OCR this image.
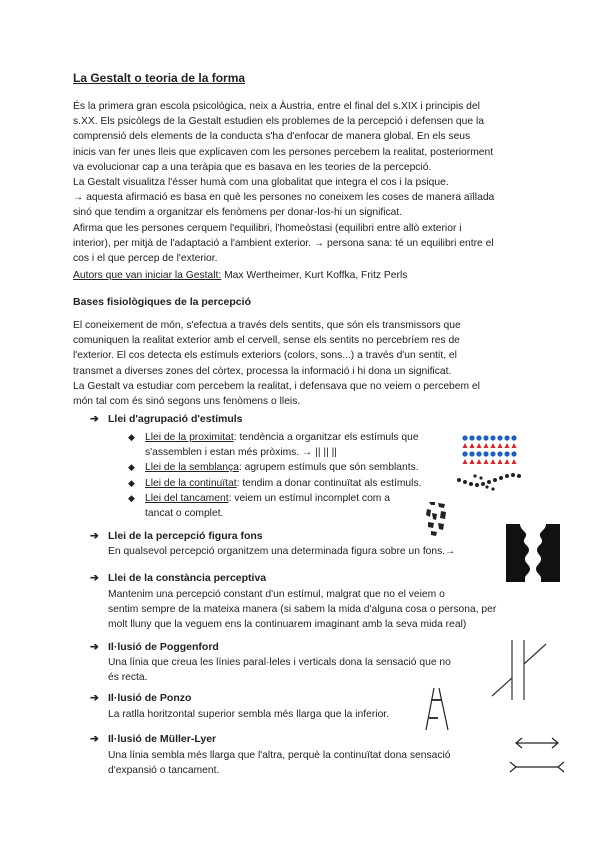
La Gestalt o teoria de la forma
És la primera gran escola psicològica, neix a Àustria, entre el final del s.XIX i principis del
s.XX. Els psicòlegs de la Gestalt estudien els problemes de la percepció i defensen que la
comprensió dels elements de la conducta s'ha d'enfocar de manera global. En els seus
inicis van fer unes lleis que explicaven com les persones percebem la realitat, posteriorment
va evolucionar cap a una teràpia que es basava en les teories de la percepció.
La Gestalt visualitza l'ésser humà com una globalitat que integra el cos i la psique.
→ aquesta afirmació es basa en què les persones no coneixem les coses de manera aïllada
sinó que tendim a organitzar els fenòmens per donar-los-hi un significat.
Afirma que les persones cerquem l'equilibri, l'homeòstasi (equilibri entre allò exterior i
interior), per mitjà de l'adaptació a l'ambient exterior. → persona sana: té un equilibri entre el
cos i el que percep de l'exterior.
Autors que van iniciar la Gestalt: Max Wertheimer, Kurt Koffka, Fritz Perls
Bases fisiològiques de la percepció
El coneixement de món, s'efectua a través dels sentits, que són els transmissors que
comuniquen la realitat exterior amb el cervell, sense els sentits no percebríem res de
l'exterior. El cos detecta els estímuls exteriors (colors, sons...) a través d'un sentit, el
transmet a diverses zones del còrtex, processa la informació i hi dona un significat.
La Gestalt va estudiar com percebem la realitat, i defensava que no veiem o percebem el
món tal com és sinó segons uns fenòmens o lleis.
➔ Llei d'agrupació d'estímuls
◆ Llei de la proximitat: tendència a organitzar els estímuls que
s'assemblen i estan més pròxims. → || || ||
◆ Llei de la semblança: agrupem estímuls que són semblants.
◆ Llei de la continuïtat: tendim a donar continuïtat als estímuls.
◆ Llei del tancament: veiem un estímul incomplet com a
tancat o complet.
➔ Llei de la percepció figura fons
En qualsevol percepció organitzem una determinada figura sobre un fons.→
➔ Llei de la constància perceptiva
Mantenim una percepció constant d'un estímul, malgrat que no el veiem o
sentim sempre de la mateixa manera (si sabem la mida d'alguna cosa o persona, per
molt lluny que la veguem ens la continuarem imaginant amb la seva mida real)
➔ Il·lusió de Poggenford
Una línia que creua les línies paral·leles i verticals dona la sensació que no
és recta.
➔ Il·lusió de Ponzo
La ratlla horitzontal superior sembla més llarga que la inferior.
➔ Il·lusió de Müller-Lyer
Una línia sembla més llarga que l'altra, perquè la continuïtat dona sensació
d'expansió o tancament.
